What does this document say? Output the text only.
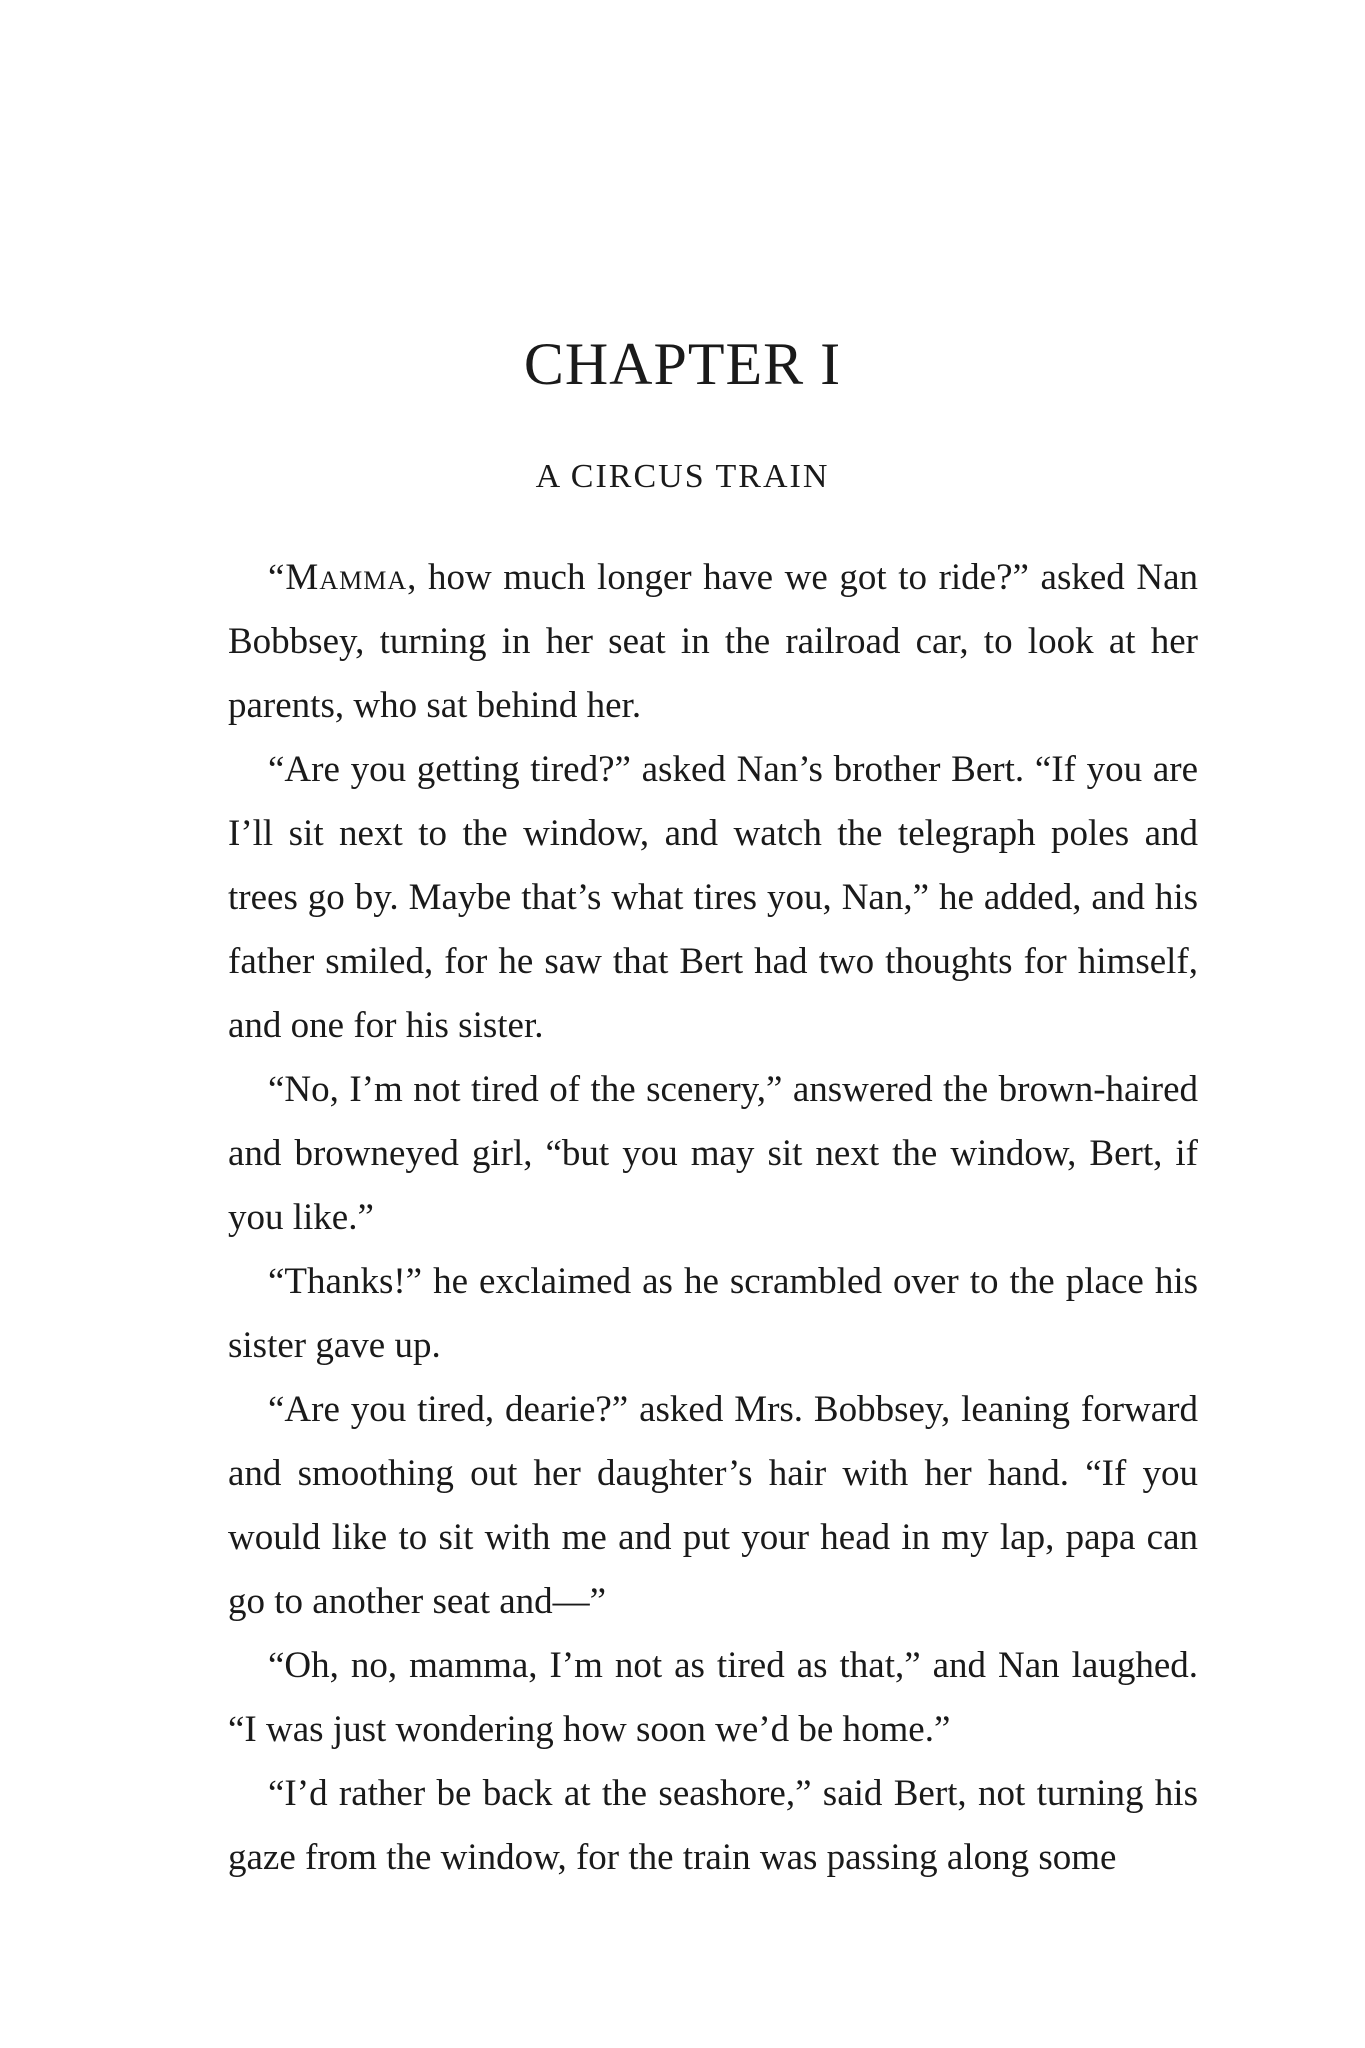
CHAPTER I
A CIRCUS TRAIN

“Mamma, how much longer have we got to ride?” asked Nan Bobbsey, turning in her seat in the railroad car, to look at her parents, who sat behind her.

“Are you getting tired?” asked Nan’s brother Bert. “If you are I’ll sit next to the window, and watch the telegraph poles and trees go by. Maybe that’s what tires you, Nan,” he added, and his father smiled, for he saw that Bert had two thoughts for himself, and one for his sister.

“No, I’m not tired of the scenery,” answered the brown-haired and browneyed girl, “but you may sit next the window, Bert, if you like.”

“Thanks!” he exclaimed as he scrambled over to the place his sister gave up.

“Are you tired, dearie?” asked Mrs. Bobbsey, leaning forward and smoothing out her daughter’s hair with her hand. “If you would like to sit with me and put your head in my lap, papa can go to another seat and—”

“Oh, no, mamma, I’m not as tired as that,” and Nan laughed. “I was just wondering how soon we’d be home.”

“I’d rather be back at the seashore,” said Bert, not turning his gaze from the window, for the train was passing along some
